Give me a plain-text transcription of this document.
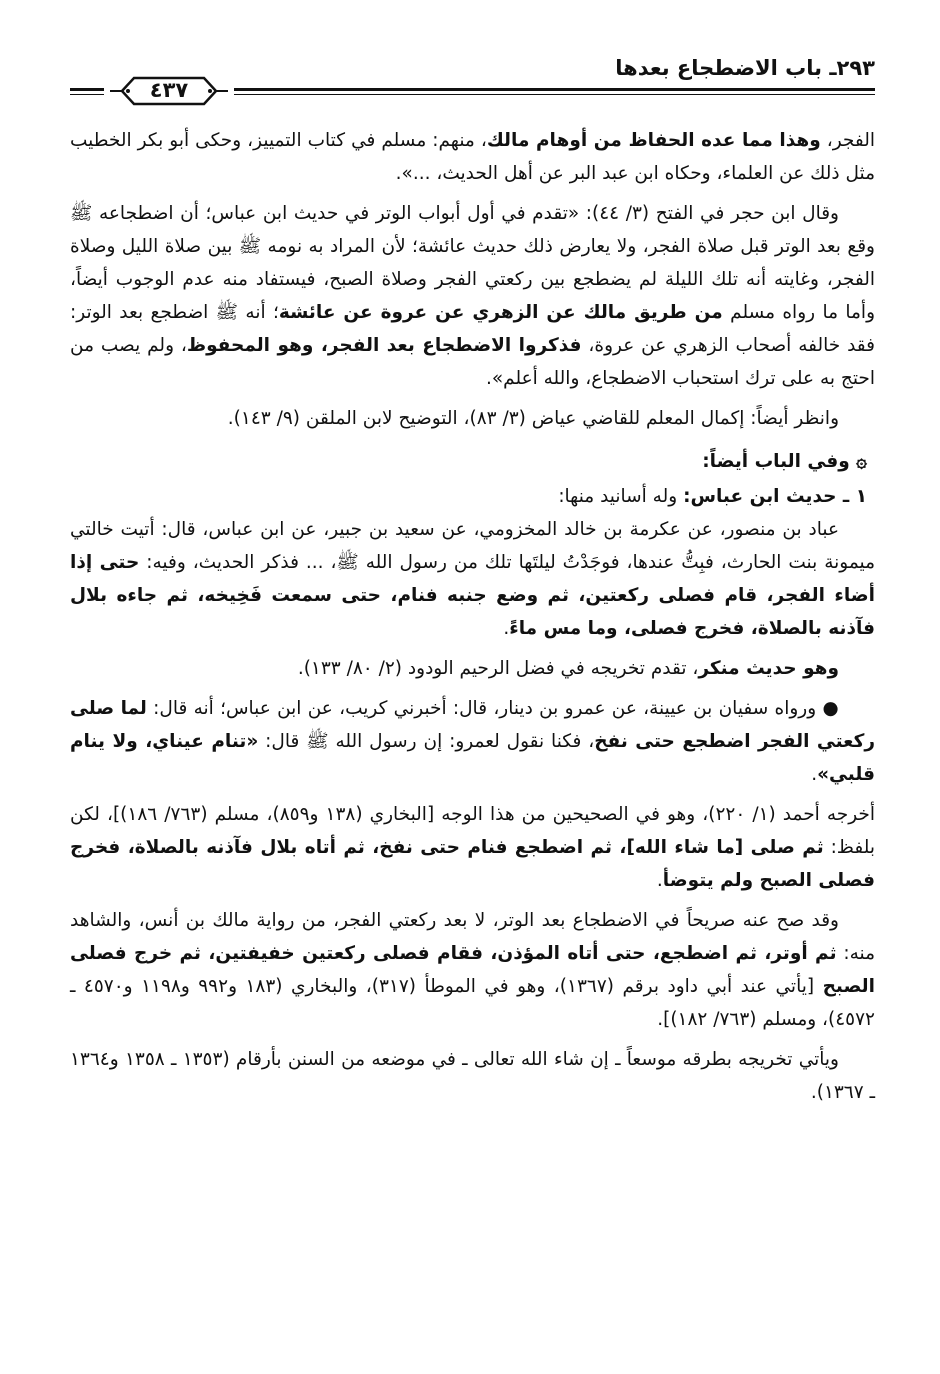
٢٩٣ـ باب الاضطجاع بعدها
٤٣٧

الفجر، وهذا مما عده الحفاظ من أوهام مالك، منهم: مسلم في كتاب التمييز، وحكى أبو بكر الخطيب مثل ذلك عن العلماء، وحكاه ابن عبد البر عن أهل الحديث، ...».

وقال ابن حجر في الفتح (٣/ ٤٤): «تقدم في أول أبواب الوتر في حديث ابن عباس؛ أن اضطجاعه ﷺ وقع بعد الوتر قبل صلاة الفجر، ولا يعارض ذلك حديث عائشة؛ لأن المراد به نومه ﷺ بين صلاة الليل وصلاة الفجر، وغايته أنه تلك الليلة لم يضطجع بين ركعتي الفجر وصلاة الصبح، فيستفاد منه عدم الوجوب أيضاً، وأما ما رواه مسلم من طريق مالك عن الزهري عن عروة عن عائشة؛ أنه ﷺ اضطجع بعد الوتر: فقد خالفه أصحاب الزهري عن عروة، فذكروا الاضطجاع بعد الفجر، وهو المحفوظ، ولم يصب من احتج به على ترك استحباب الاضطجاع، والله أعلم».

وانظر أيضاً: إكمال المعلم للقاضي عياض (٣/ ٨٣)، التوضيح لابن الملقن (٩/ ١٤٣).

۞ وفي الباب أيضاً:

١ ـ حديث ابن عباس: وله أسانيد منها:

عباد بن منصور، عن عكرمة بن خالد المخزومي، عن سعيد بن جبير، عن ابن عباس، قال: أتيت خالتي ميمونة بنت الحارث، فبِتُّ عندها، فوجَدْتُ ليلتَها تلك من رسول الله ﷺ، ... فذكر الحديث، وفيه: حتى إذا أضاء الفجر، قام فصلى ركعتين، ثم وضع جنبه فنام، حتى سمعت فَخِيخه، ثم جاءه بلال فآذنه بالصلاة، فخرج فصلى، وما مس ماءً.

وهو حديث منكر، تقدم تخريجه في فضل الرحيم الودود (٢/ ٨٠/ ١٣٣).

● ورواه سفيان بن عيينة، عن عمرو بن دينار، قال: أخبرني كريب، عن ابن عباس؛ أنه قال: لما صلى ركعتي الفجر اضطجع حتى نفخ، فكنا نقول لعمرو: إن رسول الله ﷺ قال: «تنام عيناي، ولا ينام قلبي».

أخرجه أحمد (١/ ٢٢٠)، وهو في الصحيحين من هذا الوجه [البخاري (١٣٨ و٨٥٩)، مسلم (٧٦٣/ ١٨٦)]، لكن بلفظ: ثم صلى [ما شاء الله]، ثم اضطجع فنام حتى نفخ، ثم أتاه بلال فآذنه بالصلاة، فخرج فصلى الصبح ولم يتوضأ.

وقد صح عنه صريحاً في الاضطجاع بعد الوتر، لا بعد ركعتي الفجر، من رواية مالك بن أنس، والشاهد منه: ثم أوتر، ثم اضطجع، حتى أتاه المؤذن، فقام فصلى ركعتين خفيفتين، ثم خرج فصلى الصبح [يأتي عند أبي داود برقم (١٣٦٧)، وهو في الموطأ (٣١٧)، والبخاري (١٨٣ و٩٩٢ و١١٩٨ و٤٥٧٠ ـ ٤٥٧٢)، ومسلم (٧٦٣/ ١٨٢)].

ويأتي تخريجه بطرقه موسعاً ـ إن شاء الله تعالى ـ في موضعه من السنن بأرقام (١٣٥٣ ـ ١٣٥٨ و١٣٦٤ ـ ١٣٦٧).
